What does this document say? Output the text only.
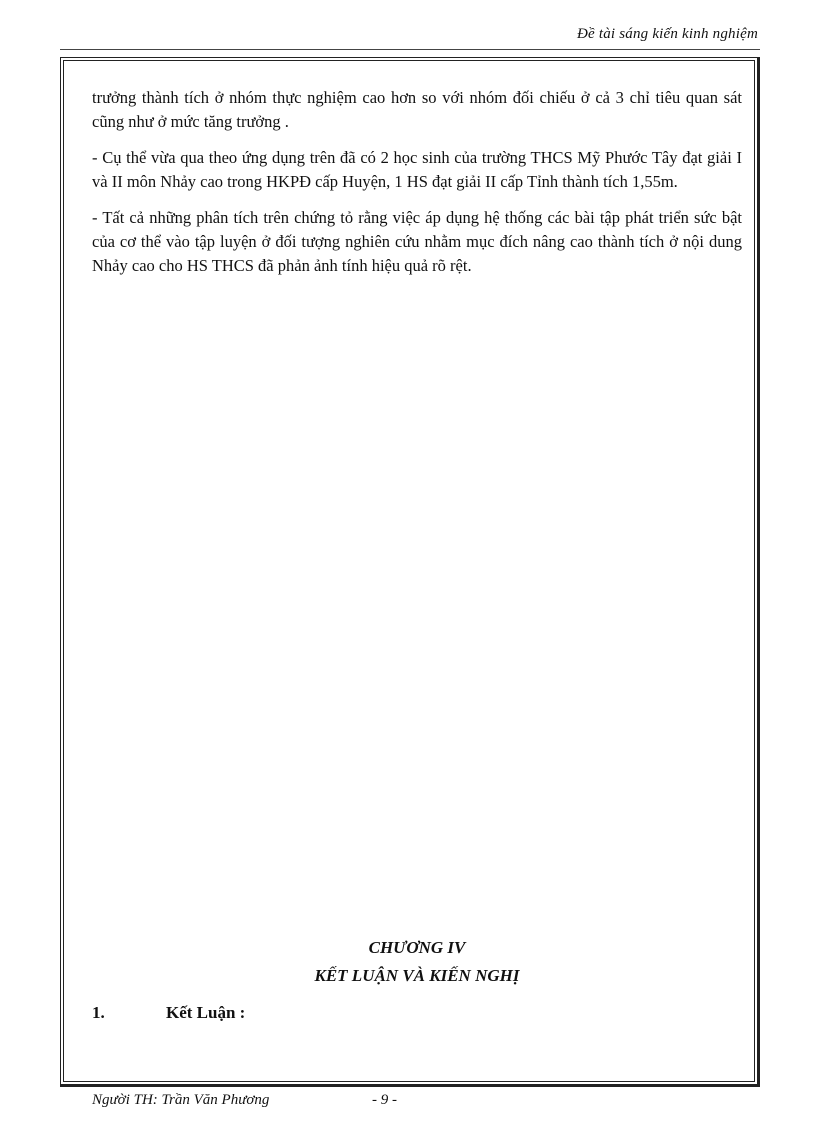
Đề tài sáng kiến kinh nghiệm

trưởng thành tích ở nhóm thực nghiệm cao hơn so với nhóm đối chiếu ở cả 3 chỉ tiêu quan sát cũng như ở mức tăng trưởng .

- Cụ thể vừa qua theo ứng dụng trên đã có 2 học sinh của trường THCS Mỹ Phước Tây đạt giải I và II môn Nhảy cao trong HKPĐ cấp Huyện, 1 HS đạt giải II cấp Tỉnh thành tích 1,55m.

- Tất cả những phân tích trên chứng tỏ rằng việc áp dụng hệ thống các bài tập phát triển sức bật của cơ thể vào tập luyện ở đối tượng nghiên cứu nhằm mục đích nâng cao thành tích ở nội dung Nhảy cao cho HS THCS đã phản ảnh tính hiệu quả rõ rệt.

CHƯƠNG IV
KẾT LUẬN VÀ KIẾN NGHỊ
1.	Kết Luận :
Người TH: Trần Văn Phương	- 9 -
